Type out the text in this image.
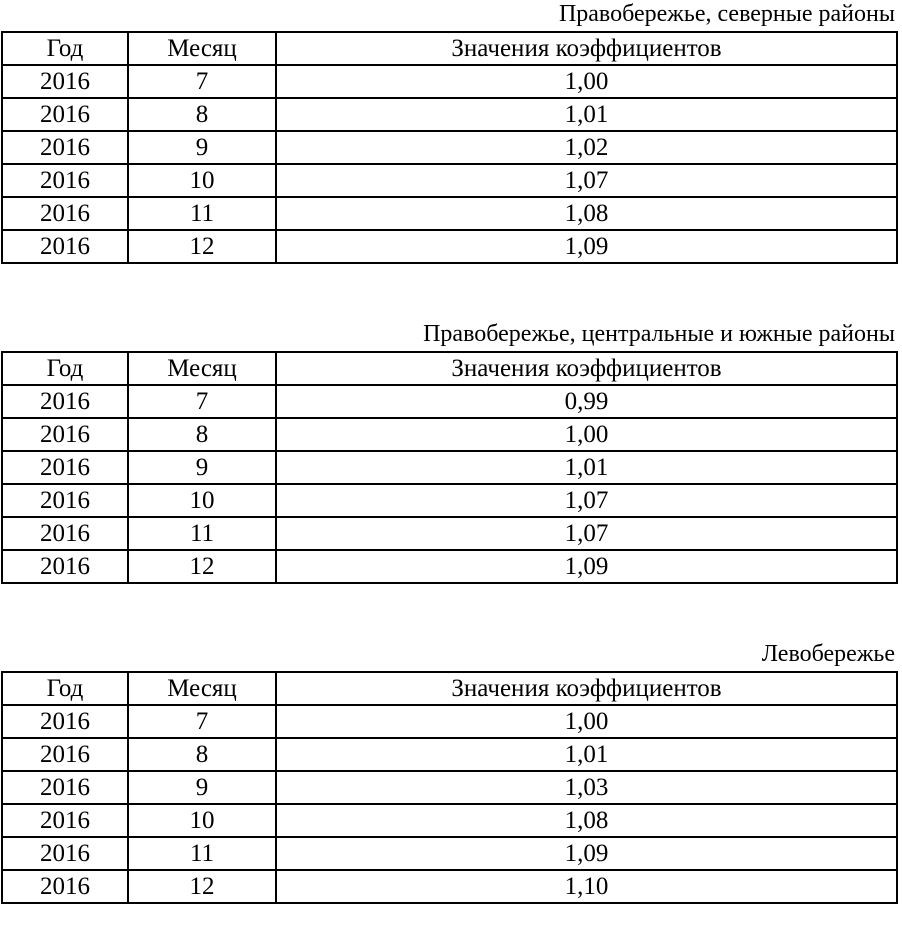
Правобережье, северные районы
Год	Месяц	Значения коэффициентов
2016	7	1,00
2016	8	1,01
2016	9	1,02
2016	10	1,07
2016	11	1,08
2016	12	1,09
Правобережье, центральные и южные районы
Год	Месяц	Значения коэффициентов
2016	7	0,99
2016	8	1,00
2016	9	1,01
2016	10	1,07
2016	11	1,07
2016	12	1,09
Левобережье
Год	Месяц	Значения коэффициентов
2016	7	1,00
2016	8	1,01
2016	9	1,03
2016	10	1,08
2016	11	1,09
2016	12	1,10
